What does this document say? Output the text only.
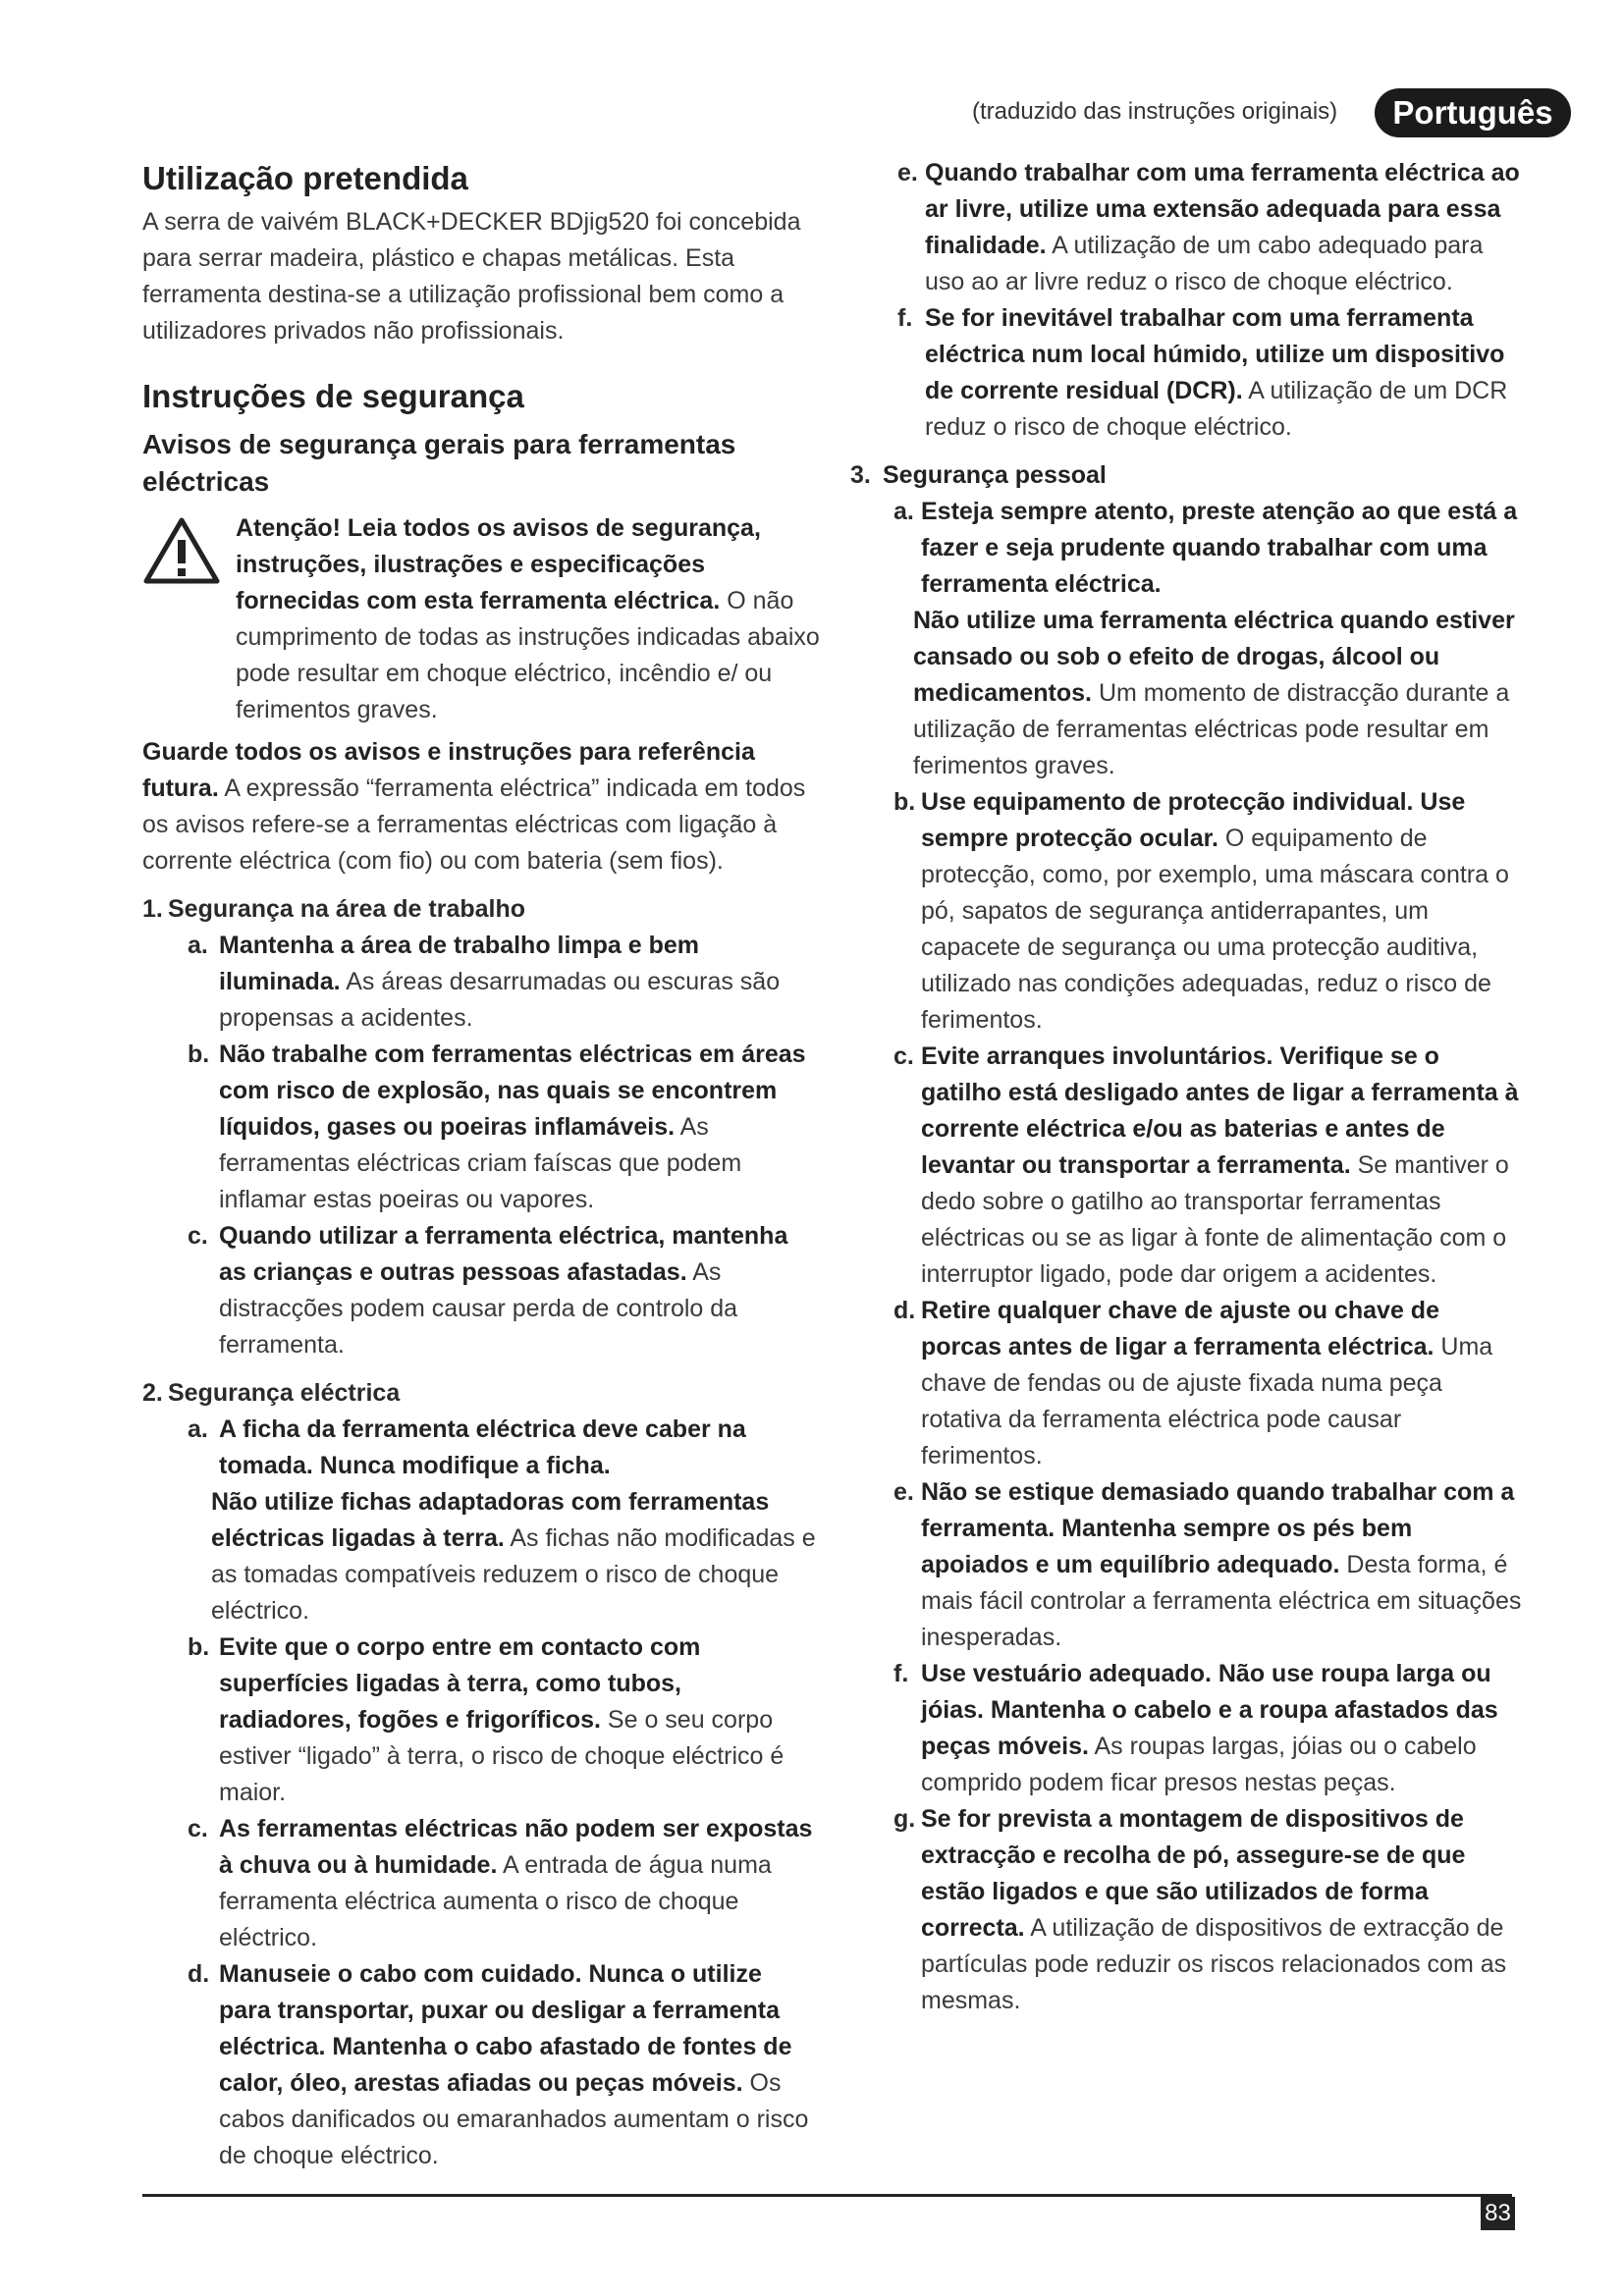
(traduzido das instruções originais)	Português
Utilização pretendida

A serra de vaivém BLACK+DECKER BDjig520 foi concebida para serrar madeira, plástico e chapas metálicas. Esta ferramenta destina-se a utilização profissional bem como a utilizadores privados não profissionais.

Instruções de segurança
Avisos de segurança gerais para ferramentas eléctricas

Atenção! Leia todos os avisos de segurança, instruções, ilustrações e especificações fornecidas com esta ferramenta eléctrica. O não cumprimento de todas as instruções indicadas abaixo pode resultar em choque eléctrico, incêndio e/ ou ferimentos graves.

Guarde todos os avisos e instruções para referência futura. A expressão “ferramenta eléctrica” indicada em todos os avisos refere-se a ferramentas eléctricas com ligação à corrente eléctrica (com fio) ou com bateria (sem fios).

1. Segurança na área de trabalho
a. Mantenha a área de trabalho limpa e bem iluminada. As áreas desarrumadas ou escuras são propensas a acidentes.
b. Não trabalhe com ferramentas eléctricas em áreas com risco de explosão, nas quais se encontrem líquidos, gases ou poeiras inflamáveis. As ferramentas eléctricas criam faíscas que podem inflamar estas poeiras ou vapores.
c. Quando utilizar a ferramenta eléctrica, mantenha as crianças e outras pessoas afastadas. As distracções podem causar perda de controlo da ferramenta.
2. Segurança eléctrica
a. A ficha da ferramenta eléctrica deve caber na tomada. Nunca modifique a ficha.
Não utilize fichas adaptadoras com ferramentas eléctricas ligadas à terra. As fichas não modificadas e as tomadas compatíveis reduzem o risco de choque eléctrico.
b. Evite que o corpo entre em contacto com superfícies ligadas à terra, como tubos, radiadores, fogões e frigoríficos. Se o seu corpo estiver “ligado” à terra, o risco de choque eléctrico é maior.
c. As ferramentas eléctricas não podem ser expostas à chuva ou à humidade. A entrada de água numa ferramenta eléctrica aumenta o risco de choque eléctrico.
d. Manuseie o cabo com cuidado. Nunca o utilize para transportar, puxar ou desligar a ferramenta eléctrica. Mantenha o cabo afastado de fontes de calor, óleo, arestas afiadas ou peças móveis. Os cabos danificados ou emaranhados aumentam o risco de choque eléctrico.
e. Quando trabalhar com uma ferramenta eléctrica ao ar livre, utilize uma extensão adequada para essa finalidade. A utilização de um cabo adequado para uso ao ar livre reduz o risco de choque eléctrico.
f. Se for inevitável trabalhar com uma ferramenta eléctrica num local húmido, utilize um dispositivo de corrente residual (DCR). A utilização de um DCR reduz o risco de choque eléctrico.
3. Segurança pessoal
a. Esteja sempre atento, preste atenção ao que está a fazer e seja prudente quando trabalhar com uma ferramenta eléctrica.
Não utilize uma ferramenta eléctrica quando estiver cansado ou sob o efeito de drogas, álcool ou medicamentos. Um momento de distracção durante a utilização de ferramentas eléctricas pode resultar em ferimentos graves.
b. Use equipamento de protecção individual. Use sempre protecção ocular. O equipamento de protecção, como, por exemplo, uma máscara contra o pó, sapatos de segurança antiderrapantes, um capacete de segurança ou uma protecção auditiva, utilizado nas condições adequadas, reduz o risco de ferimentos.
c. Evite arranques involuntários. Verifique se o gatilho está desligado antes de ligar a ferramenta à corrente eléctrica e/ou as baterias e antes de levantar ou transportar a ferramenta. Se mantiver o dedo sobre o gatilho ao transportar ferramentas eléctricas ou se as ligar à fonte de alimentação com o interruptor ligado, pode dar origem a acidentes.
d. Retire qualquer chave de ajuste ou chave de porcas antes de ligar a ferramenta eléctrica. Uma chave de fendas ou de ajuste fixada numa peça rotativa da ferramenta eléctrica pode causar ferimentos.
e. Não se estique demasiado quando trabalhar com a ferramenta. Mantenha sempre os pés bem apoiados e um equilíbrio adequado. Desta forma, é mais fácil controlar a ferramenta eléctrica em situações inesperadas.
f. Use vestuário adequado. Não use roupa larga ou jóias. Mantenha o cabelo e a roupa afastados das peças móveis. As roupas largas, jóias ou o cabelo comprido podem ficar presos nestas peças.
g. Se for prevista a montagem de dispositivos de extracção e recolha de pó, assegure-se de que estão ligados e que são utilizados de forma correcta. A utilização de dispositivos de extracção de partículas pode reduzir os riscos relacionados com as mesmas.
83
